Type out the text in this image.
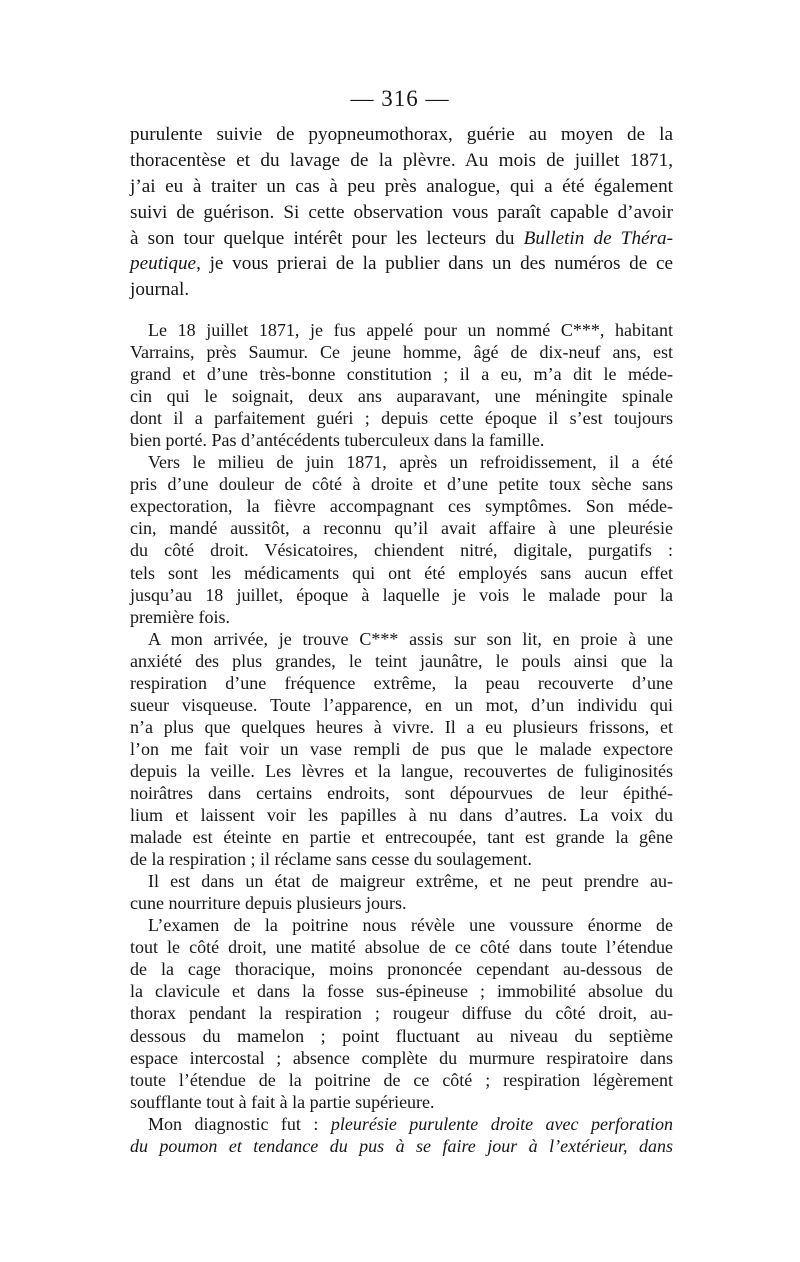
— 316 —
purulente suivie de pyopneumothorax, guérie au moyen de la
thoracentèse et du lavage de la plèvre. Au mois de juillet 1871,
j’ai eu à traiter un cas à peu près analogue, qui a été également
suivi de guérison. Si cette observation vous paraît capable d’avoir
à son tour quelque intérêt pour les lecteurs du Bulletin de Théra-
peutique, je vous prierai de la publier dans un des numéros de ce
journal.
Le 18 juillet 1871, je fus appelé pour un nommé C***, habitant
Varrains, près Saumur. Ce jeune homme, âgé de dix-neuf ans, est
grand et d’une très-bonne constitution ; il a eu, m’a dit le méde-
cin qui le soignait, deux ans auparavant, une méningite spinale
dont il a parfaitement guéri ; depuis cette époque il s’est toujours
bien porté. Pas d’antécédents tuberculeux dans la famille.
Vers le milieu de juin 1871, après un refroidissement, il a été
pris d’une douleur de côté à droite et d’une petite toux sèche sans
expectoration, la fièvre accompagnant ces symptômes. Son méde-
cin, mandé aussitôt, a reconnu qu’il avait affaire à une pleurésie
du côté droit. Vésicatoires, chiendent nitré, digitale, purgatifs :
tels sont les médicaments qui ont été employés sans aucun effet
jusqu’au 18 juillet, époque à laquelle je vois le malade pour la
première fois.
A mon arrivée, je trouve C*** assis sur son lit, en proie à une
anxiété des plus grandes, le teint jaunâtre, le pouls ainsi que la
respiration d’une fréquence extrême, la peau recouverte d’une
sueur visqueuse. Toute l’apparence, en un mot, d’un individu qui
n’a plus que quelques heures à vivre. Il a eu plusieurs frissons, et
l’on me fait voir un vase rempli de pus que le malade expectore
depuis la veille. Les lèvres et la langue, recouvertes de fuliginosités
noirâtres dans certains endroits, sont dépourvues de leur épithé-
lium et laissent voir les papilles à nu dans d’autres. La voix du
malade est éteinte en partie et entrecoupée, tant est grande la gêne
de la respiration ; il réclame sans cesse du soulagement.
Il est dans un état de maigreur extrême, et ne peut prendre au-
cune nourriture depuis plusieurs jours.
L’examen de la poitrine nous révèle une voussure énorme de
tout le côté droit, une matité absolue de ce côté dans toute l’étendue
de la cage thoracique, moins prononcée cependant au-dessous de
la clavicule et dans la fosse sus-épineuse ; immobilité absolue du
thorax pendant la respiration ; rougeur diffuse du côté droit, au-
dessous du mamelon ; point fluctuant au niveau du septième
espace intercostal ; absence complète du murmure respiratoire dans
toute l’étendue de la poitrine de ce côté ; respiration légèrement
soufflante tout à fait à la partie supérieure.
Mon diagnostic fut : pleurésie purulente droite avec perforation
du poumon et tendance du pus à se faire jour à l’extérieur, dans
